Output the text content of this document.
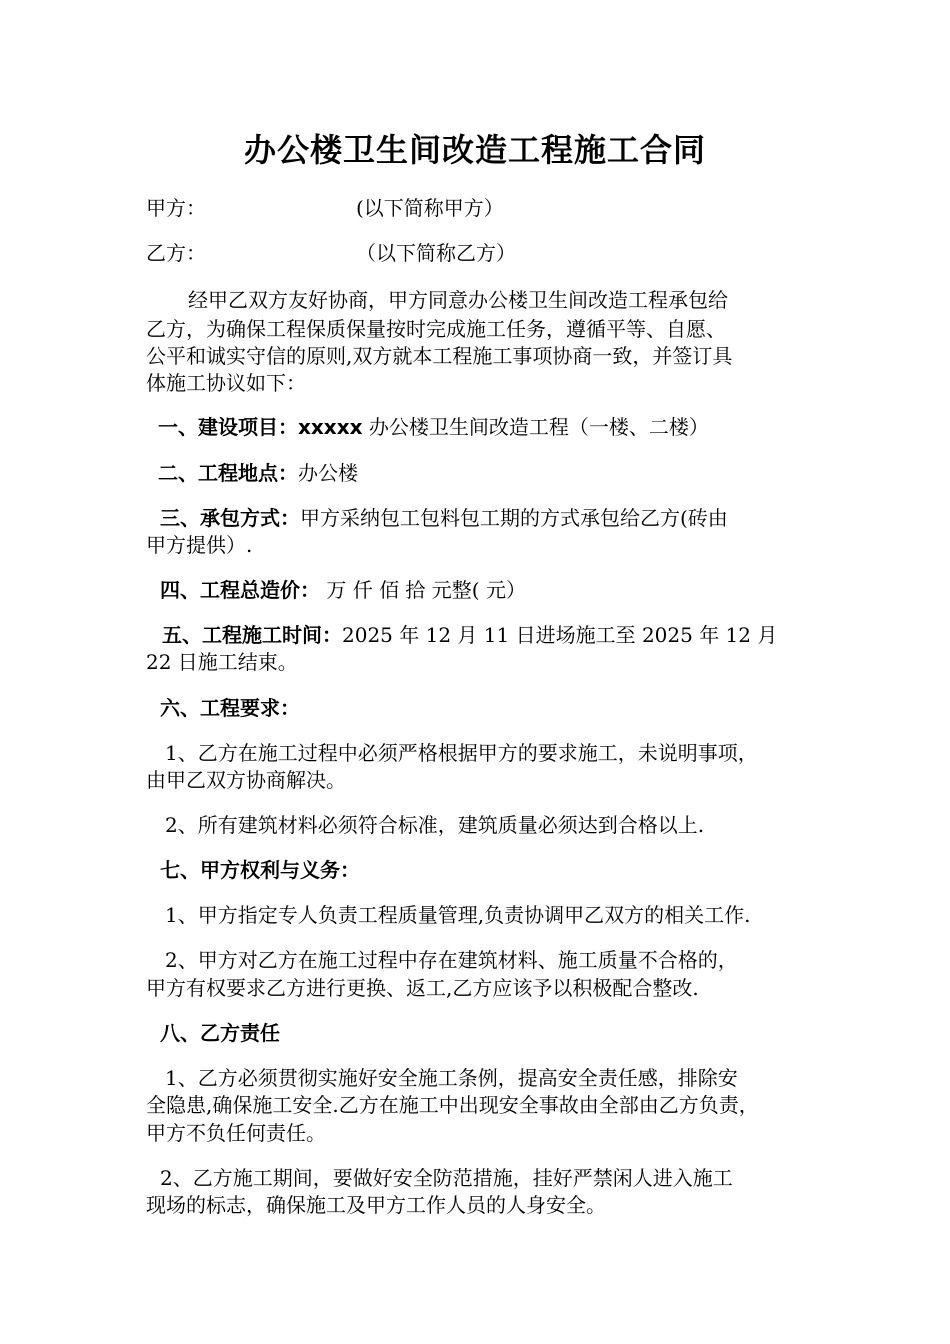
办公楼卫生间改造工程施工合同
甲方：	(以下简称甲方）
乙方：	（以下简称乙方）
经甲乙双方友好协商，甲方同意办公楼卫生间改造工程承包给
乙方，为确保工程保质保量按时完成施工任务，遵循平等、自愿、
公平和诚实守信的原则,双方就本工程施工事项协商一致，并签订具
体施工协议如下：
一、建设项目：xxxxx 办公楼卫生间改造工程（一楼、二楼）
二、工程地点：办公楼
三、承包方式：甲方采纳包工包料包工期的方式承包给乙方(砖由
甲方提供）.
四、工程总造价： 万 仟 佰 拾 元整( 元）
五、工程施工时间：2025 年 12 月 11 日进场施工至 2025 年 12 月
22 日施工结束。
六、工程要求：
1、乙方在施工过程中必须严格根据甲方的要求施工，未说明事项，
由甲乙双方协商解决。
2、所有建筑材料必须符合标准，建筑质量必须达到合格以上.
七、甲方权利与义务：
1、甲方指定专人负责工程质量管理,负责协调甲乙双方的相关工作.
2、甲方对乙方在施工过程中存在建筑材料、施工质量不合格的，
甲方有权要求乙方进行更换、返工,乙方应该予以积极配合整改.
八、乙方责任
1、乙方必须贯彻实施好安全施工条例，提高安全责任感，排除安
全隐患,确保施工安全.乙方在施工中出现安全事故由全部由乙方负责，
甲方不负任何责任。
2、乙方施工期间，要做好安全防范措施，挂好严禁闲人进入施工
现场的标志，确保施工及甲方工作人员的人身安全。
